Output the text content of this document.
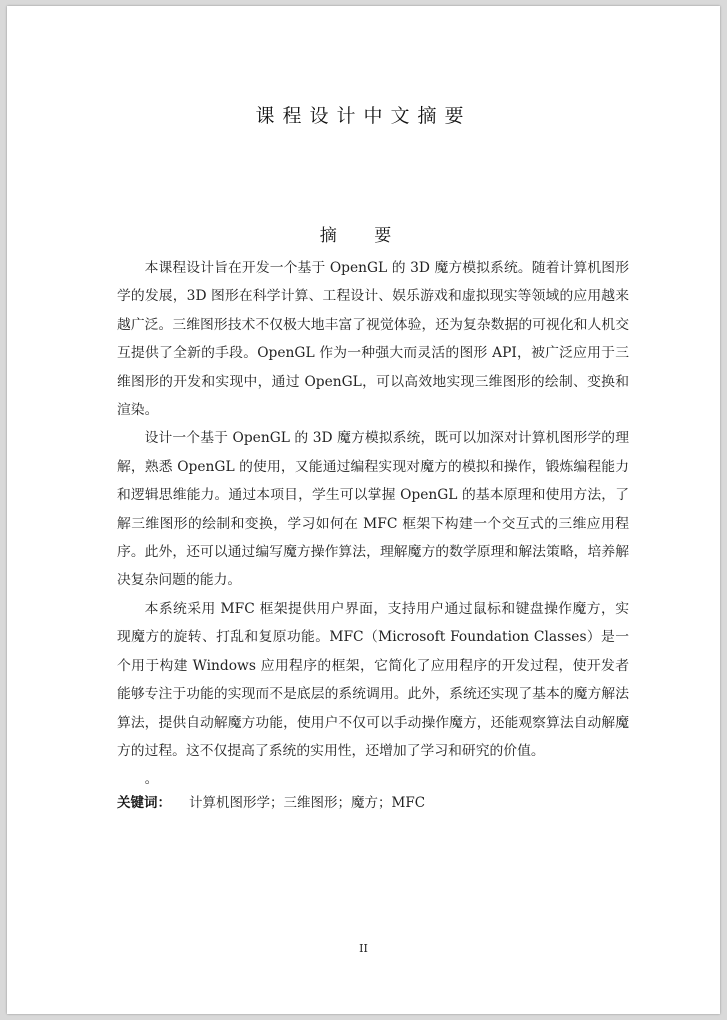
课程设计中文摘要
摘 要

本课程设计旨在开发一个基于 OpenGL 的 3D 魔方模拟系统。随着计算机图形学的发展，3D 图形在科学计算、工程设计、娱乐游戏和虚拟现实等领域的应用越来越广泛。三维图形技术不仅极大地丰富了视觉体验，还为复杂数据的可视化和人机交互提供了全新的手段。OpenGL 作为一种强大而灵活的图形 API，被广泛应用于三维图形的开发和实现中，通过 OpenGL，可以高效地实现三维图形的绘制、变换和渲染。

设计一个基于 OpenGL 的 3D 魔方模拟系统，既可以加深对计算机图形学的理解，熟悉 OpenGL 的使用，又能通过编程实现对魔方的模拟和操作，锻炼编程能力和逻辑思维能力。通过本项目，学生可以掌握 OpenGL 的基本原理和使用方法，了解三维图形的绘制和变换，学习如何在 MFC 框架下构建一个交互式的三维应用程序。此外，还可以通过编写魔方操作算法，理解魔方的数学原理和解法策略，培养解决复杂问题的能力。

本系统采用 MFC 框架提供用户界面，支持用户通过鼠标和键盘操作魔方，实现魔方的旋转、打乱和复原功能。MFC（Microsoft Foundation Classes）是一个用于构建 Windows 应用程序的框架，它简化了应用程序的开发过程，使开发者能够专注于功能的实现而不是底层的系统调用。此外，系统还实现了基本的魔方解法算法，提供自动解魔方功能，使用户不仅可以手动操作魔方，还能观察算法自动解魔方的过程。这不仅提高了系统的实用性，还增加了学习和研究的价值。

。

关键词： 计算机图形学；三维图形；魔方；MFC
II
